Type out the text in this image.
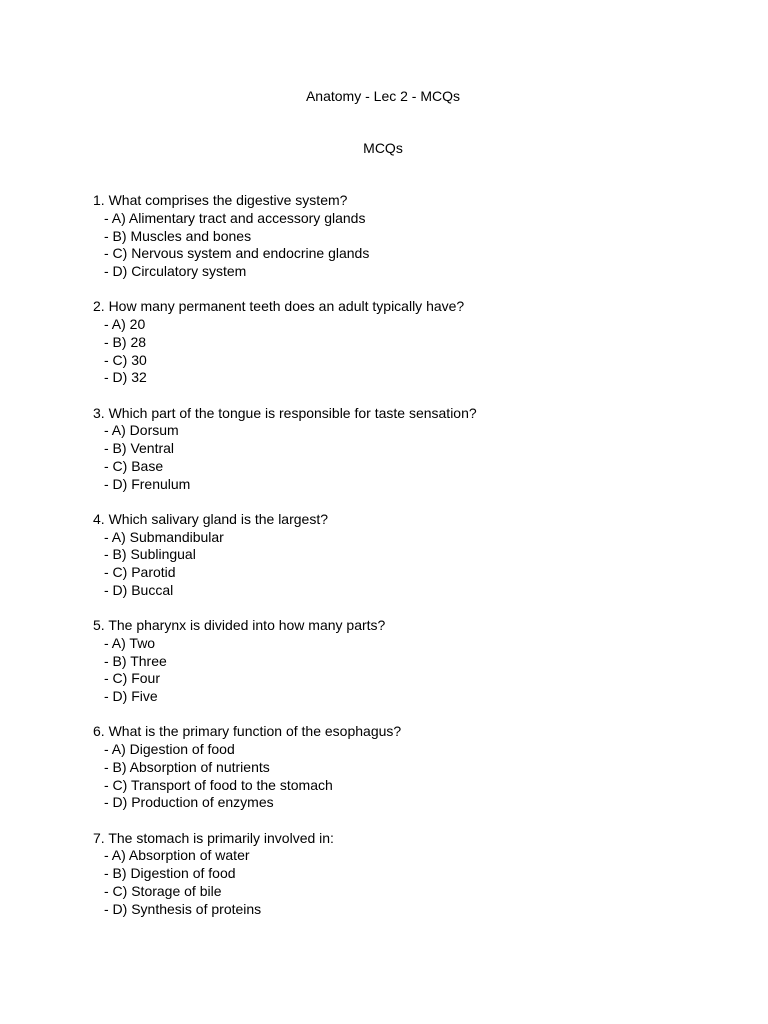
Anatomy - Lec 2 - MCQs
MCQs
1. What comprises the digestive system?
- A) Alimentary tract and accessory glands
- B) Muscles and bones
- C) Nervous system and endocrine glands
- D) Circulatory system
2. How many permanent teeth does an adult typically have?
- A) 20
- B) 28
- C) 30
- D) 32
3. Which part of the tongue is responsible for taste sensation?
- A) Dorsum
- B) Ventral
- C) Base
- D) Frenulum
4. Which salivary gland is the largest?
- A) Submandibular
- B) Sublingual
- C) Parotid
- D) Buccal
5. The pharynx is divided into how many parts?
- A) Two
- B) Three
- C) Four
- D) Five
6. What is the primary function of the esophagus?
- A) Digestion of food
- B) Absorption of nutrients
- C) Transport of food to the stomach
- D) Production of enzymes
7. The stomach is primarily involved in:
- A) Absorption of water
- B) Digestion of food
- C) Storage of bile
- D) Synthesis of proteins
